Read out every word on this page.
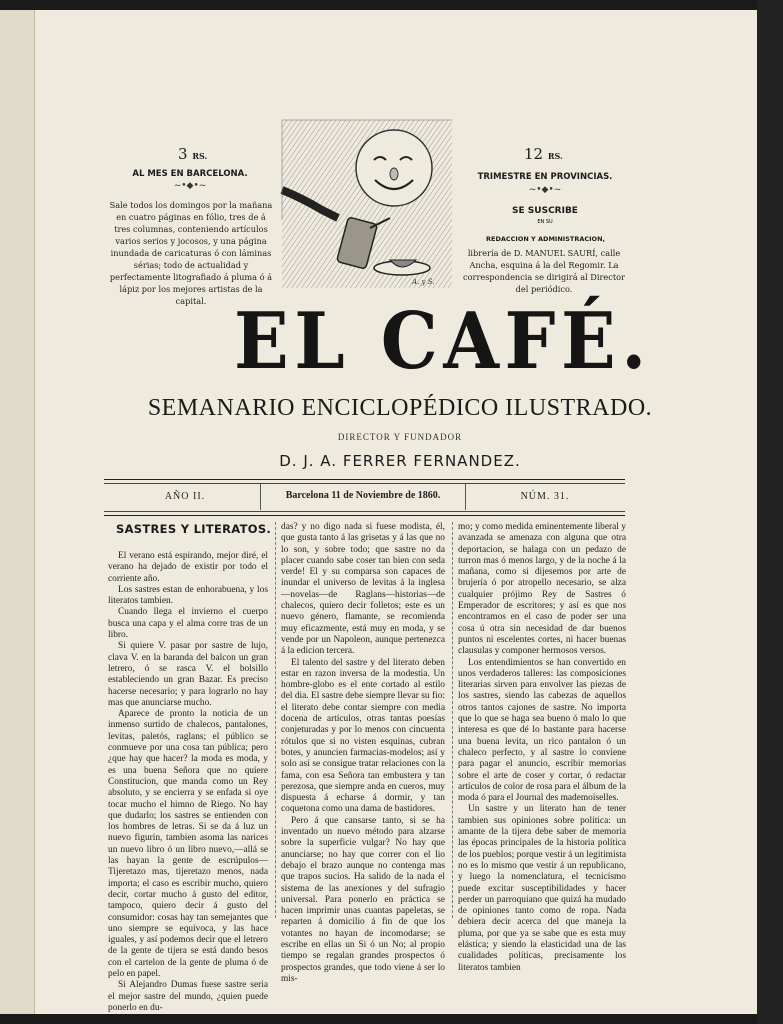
3 RS.
AL MES EN BARCELONA.
~•◆•~
Sale todos los domingos por la mañana en cuatro páginas en fólio, tres de á tres columnas, conteniendo artículos varios serios y jocosos, y una página inundada de caricaturas ó con láminas sérias; todo de actualidad y perfectamente litografiado á pluma ó á lápiz por los mejores artistas de la capital.
A. y S.
12 RS.
TRIMESTRE EN PROVINCIAS.
~•◆•~
SE SUSCRIBE
EN SU
REDACCION Y ADMINISTRACION,
librería de D. MANUEL SAURÍ, calle Ancha, esquina á la del Regomir. La correspondencia se dirigirá al Director del periódico.
EL CAFÉ.
SEMANARIO ENCICLOPÉDICO ILUSTRADO.
DIRECTOR Y FUNDADOR
D. J. A. FERRER FERNANDEZ.
AÑO II.	Barcelona 11 de Noviembre de 1860.	NÚM. 31.
SASTRES Y LITERATOS.

El verano está espirando, mejor diré, el verano ha dejado de existir por todo el corriente año.

Los sastres estan de enhorabuena, y los literatos tambien.

Cuando llega el invierno el cuerpo busca una capa y el alma corre tras de un libro.

Si quiere V. pasar por sastre de lujo, clava V. en la baranda del balcon un gran letrero, ó se rasca V. el bolsillo estableciendo un gran Bazar. Es preciso hacerse necesario; y para lograrlo no hay mas que anunciarse mucho.

Aparece de pronto la noticia de un inmenso surtido de chalecos, pantalones, levitas, paletós, raglans; el público se conmueve por una cosa tan pública; pero ¿que hay que hacer? la moda es moda, y es una buena Señora que no quiere Constitucion, que manda como un Rey absoluto, y se encierra y se enfada si oye tocar mucho el himno de Riego. No hay que dudarlo; los sastres se entienden con los hombres de letras. Si se da á luz un nuevo figurin, tambien asoma las narices un nuevo libro ó un libro nuevo,—allá se las hayan la gente de escrúpulos—Tijeretazo mas, tijeretazo menos, nada importa; el caso es escribir mucho, quiero decir, cortar mucho á gusto del editor, tampoco, quiero decir á gusto del consumidor: cosas hay tan semejantes que uno siempre se equivoca, y las hace iguales, y así podemos decir que el letrero de la gente de tijera se está dando besos con el cartelon de la gente de pluma ó de pelo en papel.

Si Alejandro Dumas fuese sastre seria el mejor sastre del mundo, ¿quien puede ponerlo en du-

das? y no digo nada si fuese modista, él, que gusta tanto á las grisetas y á las que no lo son, y sobre todo; que sastre no da placer cuando sabe coser tan bien con seda verde! El y su comparsa son capaces de inundar el universo de levitas á la inglesa—novelas—de Raglans—historias—de chalecos, quiero decir folletos; este es un nuevo género, flamante, se recomienda muy eficazmente, está muy en moda, y se vende por un Napoleon, aunque pertenezca á la edicion tercera.

El talento del sastre y del literato deben estar en razon inversa de la modestia. Un hombre-globo es el ente cortado al estilo del dia. El sastre debe siempre llevar su fio: el literato debe contar siempre con media docena de artículos, otras tantas poesías conjeturadas y por lo menos con cincuenta rótulos que si no visten esquinas, cubran botes, y anuncien farmacias-modelos; así y solo así se consigue tratar relaciones con la fama, con esa Señora tan embustera y tan perezosa, que siempre anda en cueros, muy dispuesta á echarse á dormir, y tan coquetona como una dama de bastidores.

Pero á que cansarse tanto, si se ha inventado un nuevo método para alzarse sobre la superficie vulgar? No hay que anunciarse; no hay que correr con el lio debajo el brazo aunque no contenga mas que trapos sucios. Ha salido de la nada el sistema de las anexiones y del sufragio universal. Para ponerlo en práctica se hacen imprimir unas cuantas papeletas, se reparten á domicilio á fin de que los votantes no hayan de incomodarse; se escribe en ellas un Si ó un No; al propio tiempo se regalan grandes prospectos ó prospectos grandes, que todo viene á ser lo mis-

mo; y como medida eminentemente liberal y avanzada se amenaza con alguna que otra deportacion, se halaga con un pedazo de turron mas ó menos largo, y de la noche á la mañana, como si dijesemos por arte de brujería ó por atropello necesario, se alza cualquier prójimo Rey de Sastres ó Emperador de escritores; y así es que nos encontramos en el caso de poder ser una cosa ú otra sin necesidad de dar buenos puntos ni escelentes cortes, ni hacer buenas clausulas y componer hermosos versos.

Los entendimientos se han convertido en unos verdaderos talleres: las composiciones literarias sirven para envolver las piezas de los sastres, siendo las cabezas de aquellos otros tantos cajones de sastre. No importa que lo que se haga sea bueno ó malo lo que interesa es que dé lo bastante para hacerse una buena levita, un rico pantalon ó un chaleco perfecto, y al sastre lo conviene para pagar el anuncio, escribir memorias sobre el arte de coser y cortar, ó redactar artículos de color de rosa para el álbum de la moda ó para el Journal des mademoiselles.

Un sastre y un literato han de tener tambien sus opiniones sobre política: un amante de la tijera debe saber de memoria las épocas principales de la historia política de los pueblos; porque vestir á un legitimista no es lo mismo que vestir á un republicano, y luego la nomenclatura, el tecnicismo puede excitar susceptibilidades y hacer perder un parroquiano que quizá ha mudado de opiniones tanto como de ropa. Nada debiera decir acerca del que maneja la pluma, por que ya se sabe que es esta muy elástica; y siendo la elasticidad una de las cualidades políticas, precisamente los literatos tambien
